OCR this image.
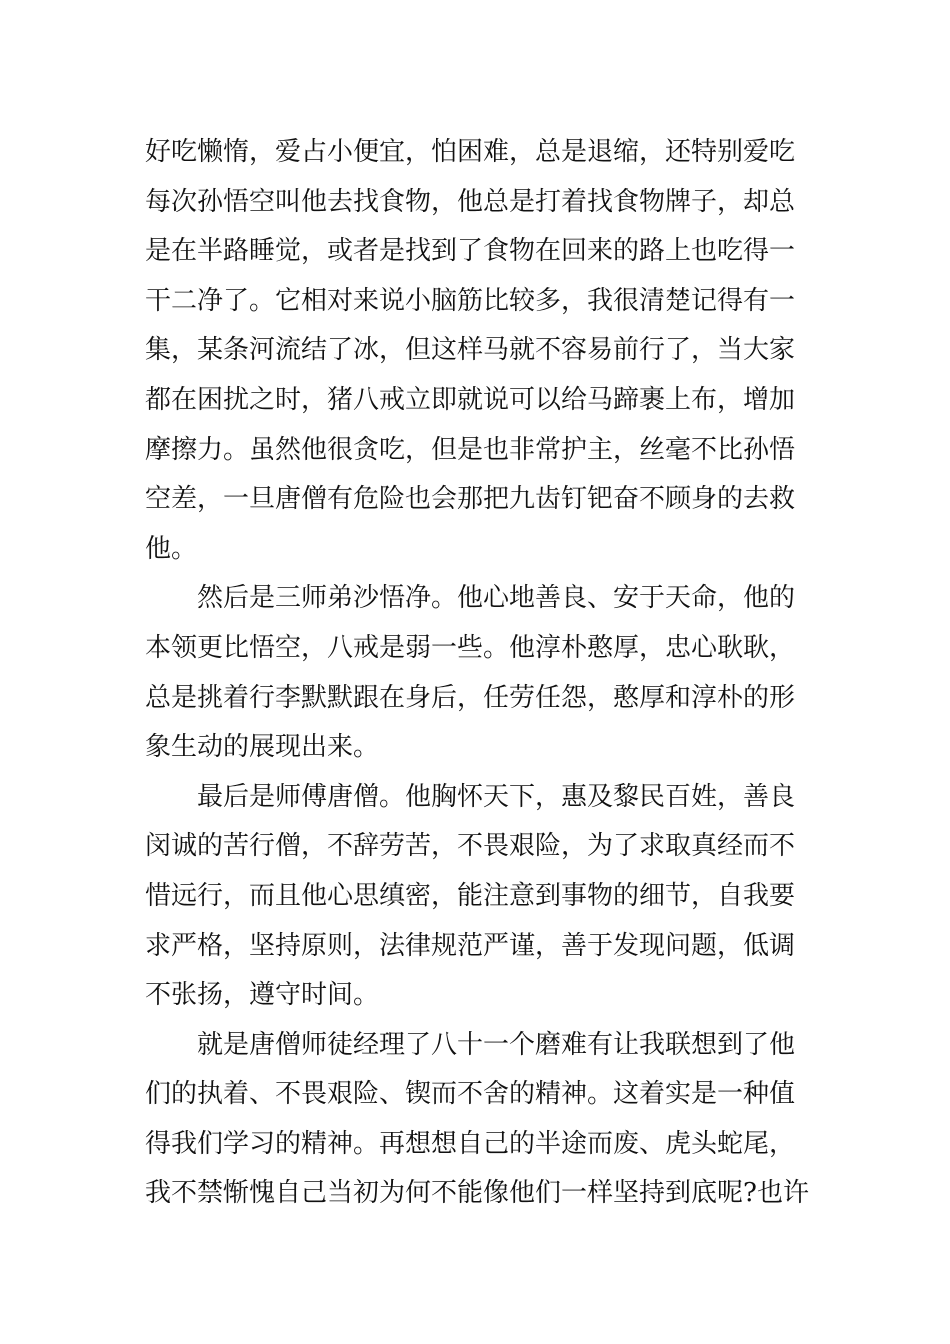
好吃懒惰，爱占小便宜，怕困难，总是退缩，还特别爱吃
每次孙悟空叫他去找食物，他总是打着找食物牌子，却总
是在半路睡觉，或者是找到了食物在回来的路上也吃得一
干二净了。它相对来说小脑筋比较多，我很清楚记得有一
集，某条河流结了冰，但这样马就不容易前行了，当大家
都在困扰之时，猪八戒立即就说可以给马蹄裹上布，增加
摩擦力。虽然他很贪吃，但是也非常护主，丝毫不比孙悟
空差，一旦唐僧有危险也会那把九齿钉钯奋不顾身的去救
他。
然后是三师弟沙悟净。他心地善良、安于天命，他的
本领更比悟空，八戒是弱一些。他淳朴憨厚，忠心耿耿，
总是挑着行李默默跟在身后，任劳任怨，憨厚和淳朴的形
象生动的展现出来。
最后是师傅唐僧。他胸怀天下，惠及黎民百姓，善良
闵诚的苦行僧，不辞劳苦，不畏艰险，为了求取真经而不
惜远行，而且他心思缜密，能注意到事物的细节，自我要
求严格，坚持原则，法律规范严谨，善于发现问题，低调
不张扬，遵守时间。
就是唐僧师徒经理了八十一个磨难有让我联想到了他
们的执着、不畏艰险、锲而不舍的精神。这着实是一种值
得我们学习的精神。再想想自己的半途而废、虎头蛇尾，
我不禁惭愧自己当初为何不能像他们一样坚持到底呢?也许
